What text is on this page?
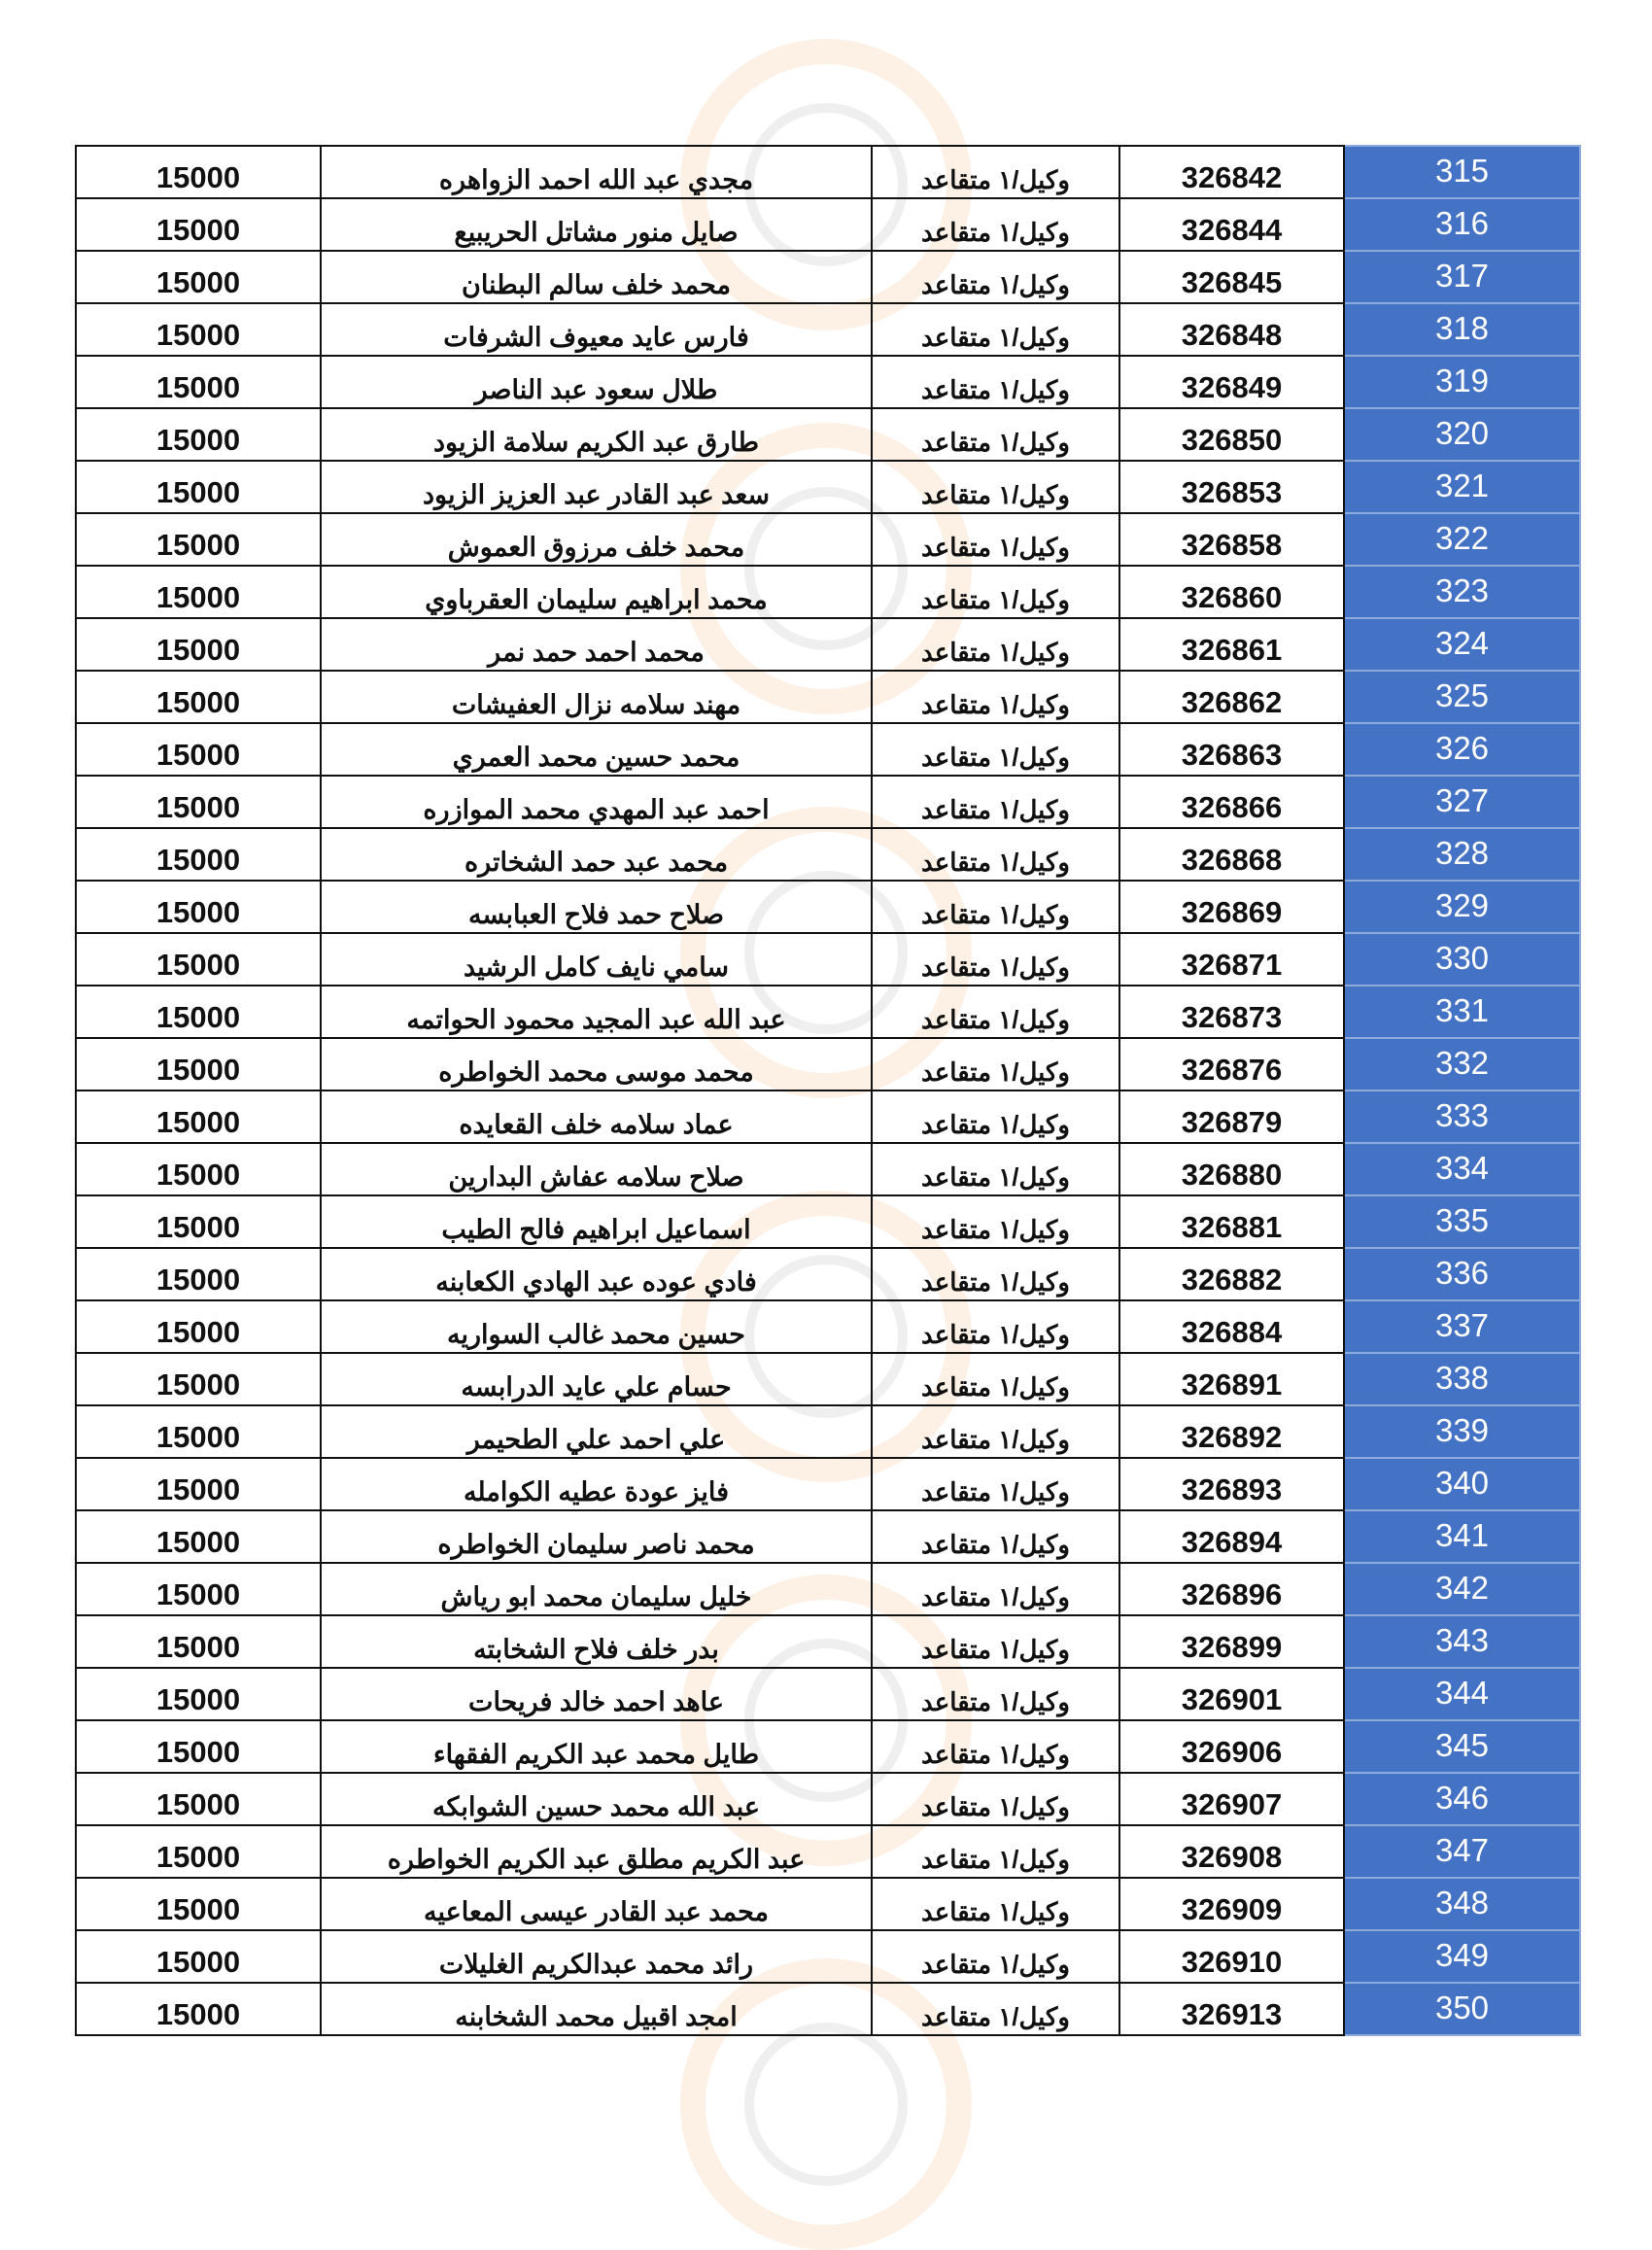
15000	مجدي عبد الله احمد الزواهره	وكيل/١ متقاعد	326842	315
15000	صايل منور مشاتل الحريبيع	وكيل/١ متقاعد	326844	316
15000	محمد خلف سالم البطنان	وكيل/١ متقاعد	326845	317
15000	فارس عايد معيوف الشرفات	وكيل/١ متقاعد	326848	318
15000	طلال سعود عبد الناصر	وكيل/١ متقاعد	326849	319
15000	طارق عبد الكريم سلامة الزيود	وكيل/١ متقاعد	326850	320
15000	سعد عبد القادر عبد العزيز الزيود	وكيل/١ متقاعد	326853	321
15000	محمد خلف مرزوق العموش	وكيل/١ متقاعد	326858	322
15000	محمد ابراهيم سليمان العقرباوي	وكيل/١ متقاعد	326860	323
15000	محمد احمد حمد نمر	وكيل/١ متقاعد	326861	324
15000	مهند سلامه نزال العفيشات	وكيل/١ متقاعد	326862	325
15000	محمد حسين محمد العمري	وكيل/١ متقاعد	326863	326
15000	احمد عبد المهدي محمد الموازره	وكيل/١ متقاعد	326866	327
15000	محمد عبد حمد الشخاتره	وكيل/١ متقاعد	326868	328
15000	صلاح حمد فلاح العبابسه	وكيل/١ متقاعد	326869	329
15000	سامي نايف كامل الرشيد	وكيل/١ متقاعد	326871	330
15000	عبد الله عبد المجيد محمود الحواتمه	وكيل/١ متقاعد	326873	331
15000	محمد موسى محمد الخواطره	وكيل/١ متقاعد	326876	332
15000	عماد سلامه خلف القعايده	وكيل/١ متقاعد	326879	333
15000	صلاح سلامه عفاش البدارين	وكيل/١ متقاعد	326880	334
15000	اسماعيل ابراهيم فالح الطيب	وكيل/١ متقاعد	326881	335
15000	فادي عوده عبد الهادي الكعابنه	وكيل/١ متقاعد	326882	336
15000	حسين محمد غالب السواريه	وكيل/١ متقاعد	326884	337
15000	حسام علي عايد الدرابسه	وكيل/١ متقاعد	326891	338
15000	علي احمد علي الطحيمر	وكيل/١ متقاعد	326892	339
15000	فايز عودة عطيه الكوامله	وكيل/١ متقاعد	326893	340
15000	محمد ناصر سليمان الخواطره	وكيل/١ متقاعد	326894	341
15000	خليل سليمان محمد ابو رياش	وكيل/١ متقاعد	326896	342
15000	بدر خلف فلاح الشخابته	وكيل/١ متقاعد	326899	343
15000	عاهد احمد خالد فريحات	وكيل/١ متقاعد	326901	344
15000	طايل محمد عبد الكريم الفقهاء	وكيل/١ متقاعد	326906	345
15000	عبد الله محمد حسين الشوابكه	وكيل/١ متقاعد	326907	346
15000	عبد الكريم مطلق عبد الكريم الخواطره	وكيل/١ متقاعد	326908	347
15000	محمد عبد القادر عيسى المعاعيه	وكيل/١ متقاعد	326909	348
15000	رائد محمد عبدالكريم الغليلات	وكيل/١ متقاعد	326910	349
15000	امجد اقبيل محمد الشخابنه	وكيل/١ متقاعد	326913	350
